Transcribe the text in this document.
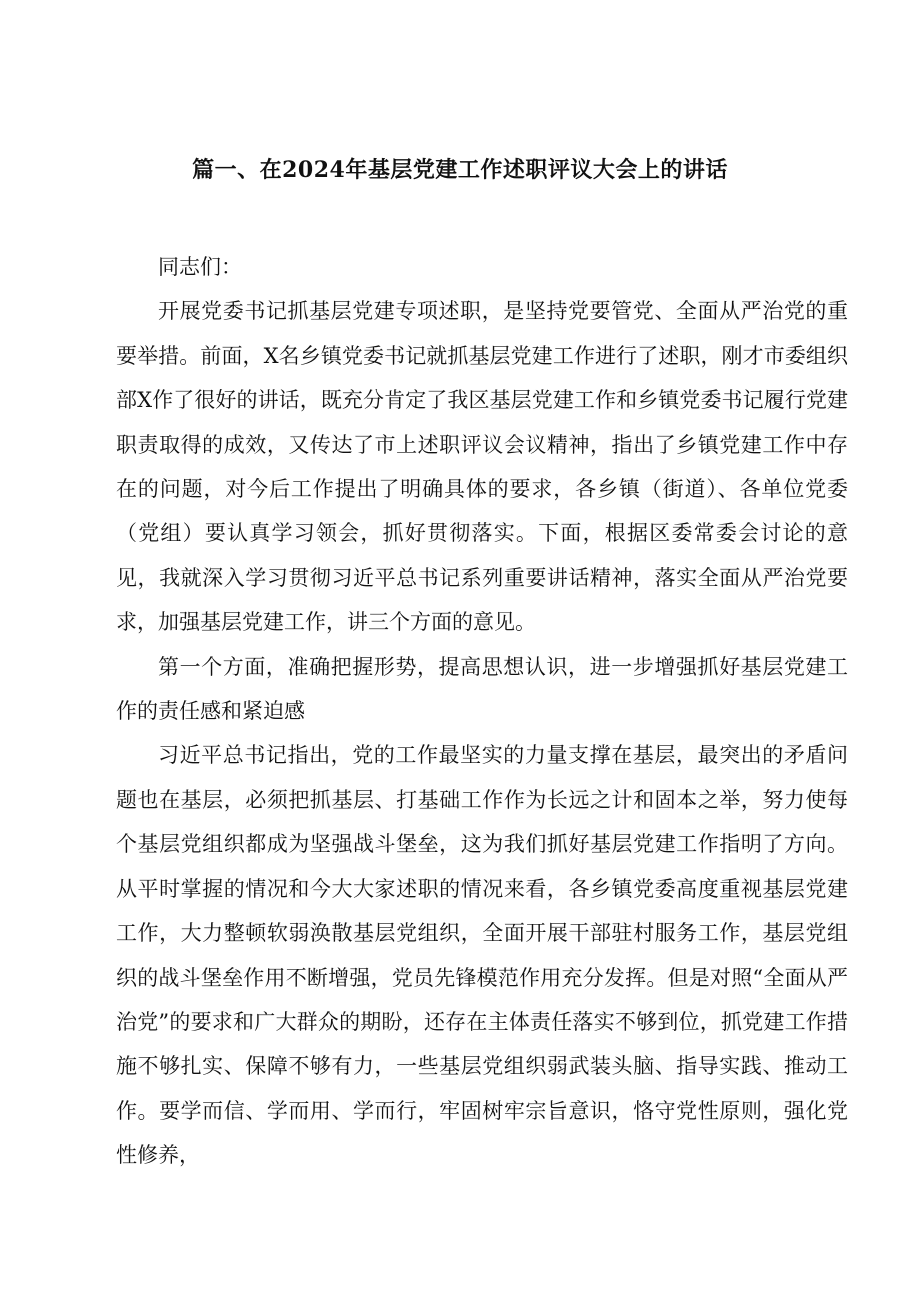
篇一、在2024年基层党建工作述职评议大会上的讲话

同志们：

开展党委书记抓基层党建专项述职，是坚持党要管党、全面从严治党的重要举措。前面，X名乡镇党委书记就抓基层党建工作进行了述职，刚才市委组织部X作了很好的讲话，既充分肯定了我区基层党建工作和乡镇党委书记履行党建职责取得的成效，又传达了市上述职评议会议精神，指出了乡镇党建工作中存在的问题，对今后工作提出了明确具体的要求，各乡镇（街道）、各单位党委（党组）要认真学习领会，抓好贯彻落实。下面，根据区委常委会讨论的意见，我就深入学习贯彻习近平总书记系列重要讲话精神，落实全面从严治党要求，加强基层党建工作，讲三个方面的意见。

第一个方面，准确把握形势，提高思想认识，进一步增强抓好基层党建工作的责任感和紧迫感

习近平总书记指出，党的工作最坚实的力量支撑在基层，最突出的矛盾问题也在基层，必须把抓基层、打基础工作作为长远之计和固本之举，努力使每个基层党组织都成为坚强战斗堡垒，这为我们抓好基层党建工作指明了方向。从平时掌握的情况和今大大家述职的情况来看，各乡镇党委高度重视基层党建工作，大力整顿软弱涣散基层党组织，全面开展干部驻村服务工作，基层党组织的战斗堡垒作用不断增强，党员先锋模范作用充分发挥。但是对照“全面从严治党”的要求和广大群众的期盼，还存在主体责任落实不够到位，抓党建工作措施不够扎实、保障不够有力，一些基层党组织弱武装头脑、指导实践、推动工作。要学而信、学而用、学而行，牢固树牢宗旨意识，恪守党性原则，强化党性修养，
